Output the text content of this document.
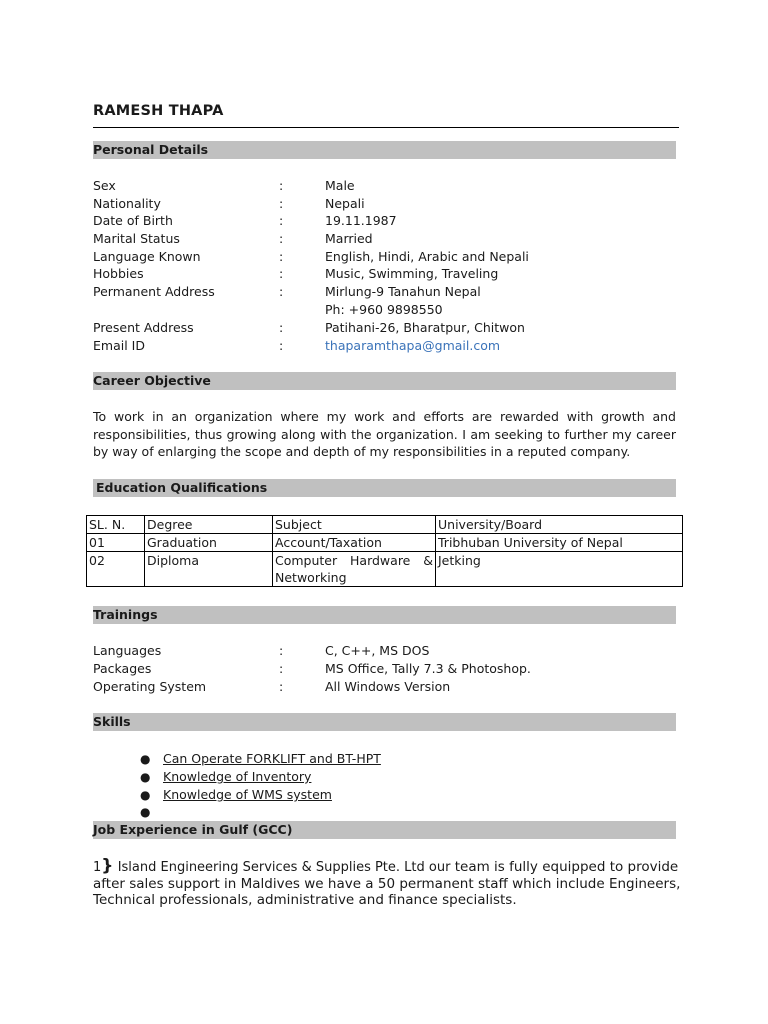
RAMESH THAPA
Personal Details
Sex	:	Male
Nationality	:	Nepali
Date of Birth	:	19.11.1987
Marital Status	:	Married
Language Known	:	English, Hindi, Arabic and Nepali
Hobbies	:	Music, Swimming, Traveling
Permanent Address	:	Mirlung-9 Tanahun Nepal
Ph: +960 9898550
Present Address	:	Patihani-26, Bharatpur, Chitwon
Email ID	:	thaparamthapa@gmail.com
Career Objective
To work in an organization where my work and efforts are rewarded with growth and responsibilities, thus growing along with the organization. I am seeking to further my career by way of enlarging the scope and depth of my responsibilities in a reputed company.
Education Qualifications
SL. N.	Degree	Subject	University/Board
01	Graduation	Account/Taxation	Tribhuban University of Nepal
02	Diploma	Computer Hardware & Networking	Jetking
Trainings
Languages	:	C, C++, MS DOS
Packages	:	MS Office, Tally 7.3 & Photoshop.
Operating System	:	All Windows Version
Skills
● Can Operate FORKLIFT and BT-HPT
● Knowledge of Inventory
● Knowledge of WMS system
●
Job Experience in Gulf (GCC)
1} Island Engineering Services & Supplies Pte. Ltd our team is fully equipped to provide after sales support in Maldives we have a 50 permanent staff which include Engineers, Technical professionals, administrative and finance specialists.
